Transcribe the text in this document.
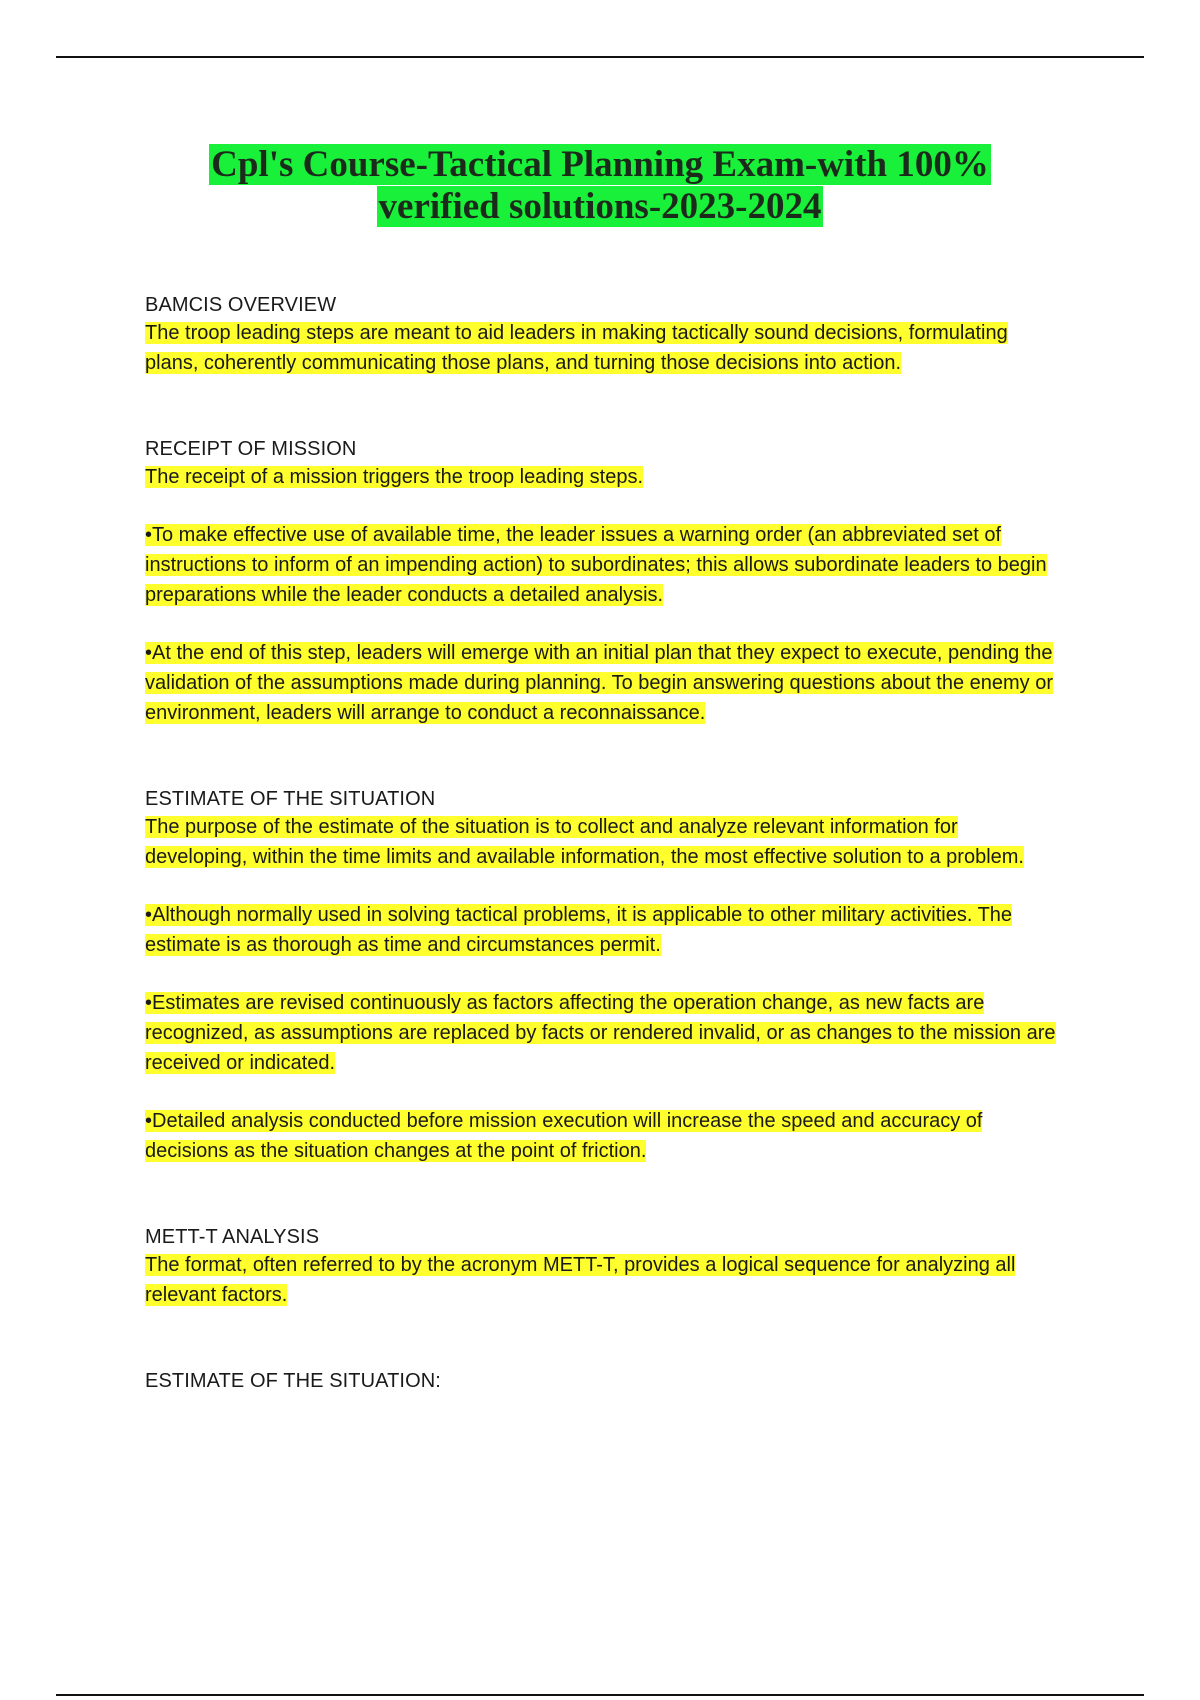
Cpl's Course-Tactical Planning Exam-with 100%
verified solutions-2023-2024

BAMCIS OVERVIEW

The troop leading steps are meant to aid leaders in making tactically sound decisions, formulating plans, coherently communicating those plans, and turning those decisions into action.

RECEIPT OF MISSION

The receipt of a mission triggers the troop leading steps.

•To make effective use of available time, the leader issues a warning order (an abbreviated set of instructions to inform of an impending action) to subordinates; this allows subordinate leaders to begin preparations while the leader conducts a detailed analysis.

•At the end of this step, leaders will emerge with an initial plan that they expect to execute, pending the validation of the assumptions made during planning. To begin answering questions about the enemy or environment, leaders will arrange to conduct a reconnaissance.

ESTIMATE OF THE SITUATION

The purpose of the estimate of the situation is to collect and analyze relevant information for developing, within the time limits and available information, the most effective solution to a problem.

•Although normally used in solving tactical problems, it is applicable to other military activities. The estimate is as thorough as time and circumstances permit.

•Estimates are revised continuously as factors affecting the operation change, as new facts are recognized, as assumptions are replaced by facts or rendered invalid, or as changes to the mission are received or indicated.

•Detailed analysis conducted before mission execution will increase the speed and accuracy of decisions as the situation changes at the point of friction.

METT-T ANALYSIS

The format, often referred to by the acronym METT-T, provides a logical sequence for analyzing all relevant factors.

ESTIMATE OF THE SITUATION:
